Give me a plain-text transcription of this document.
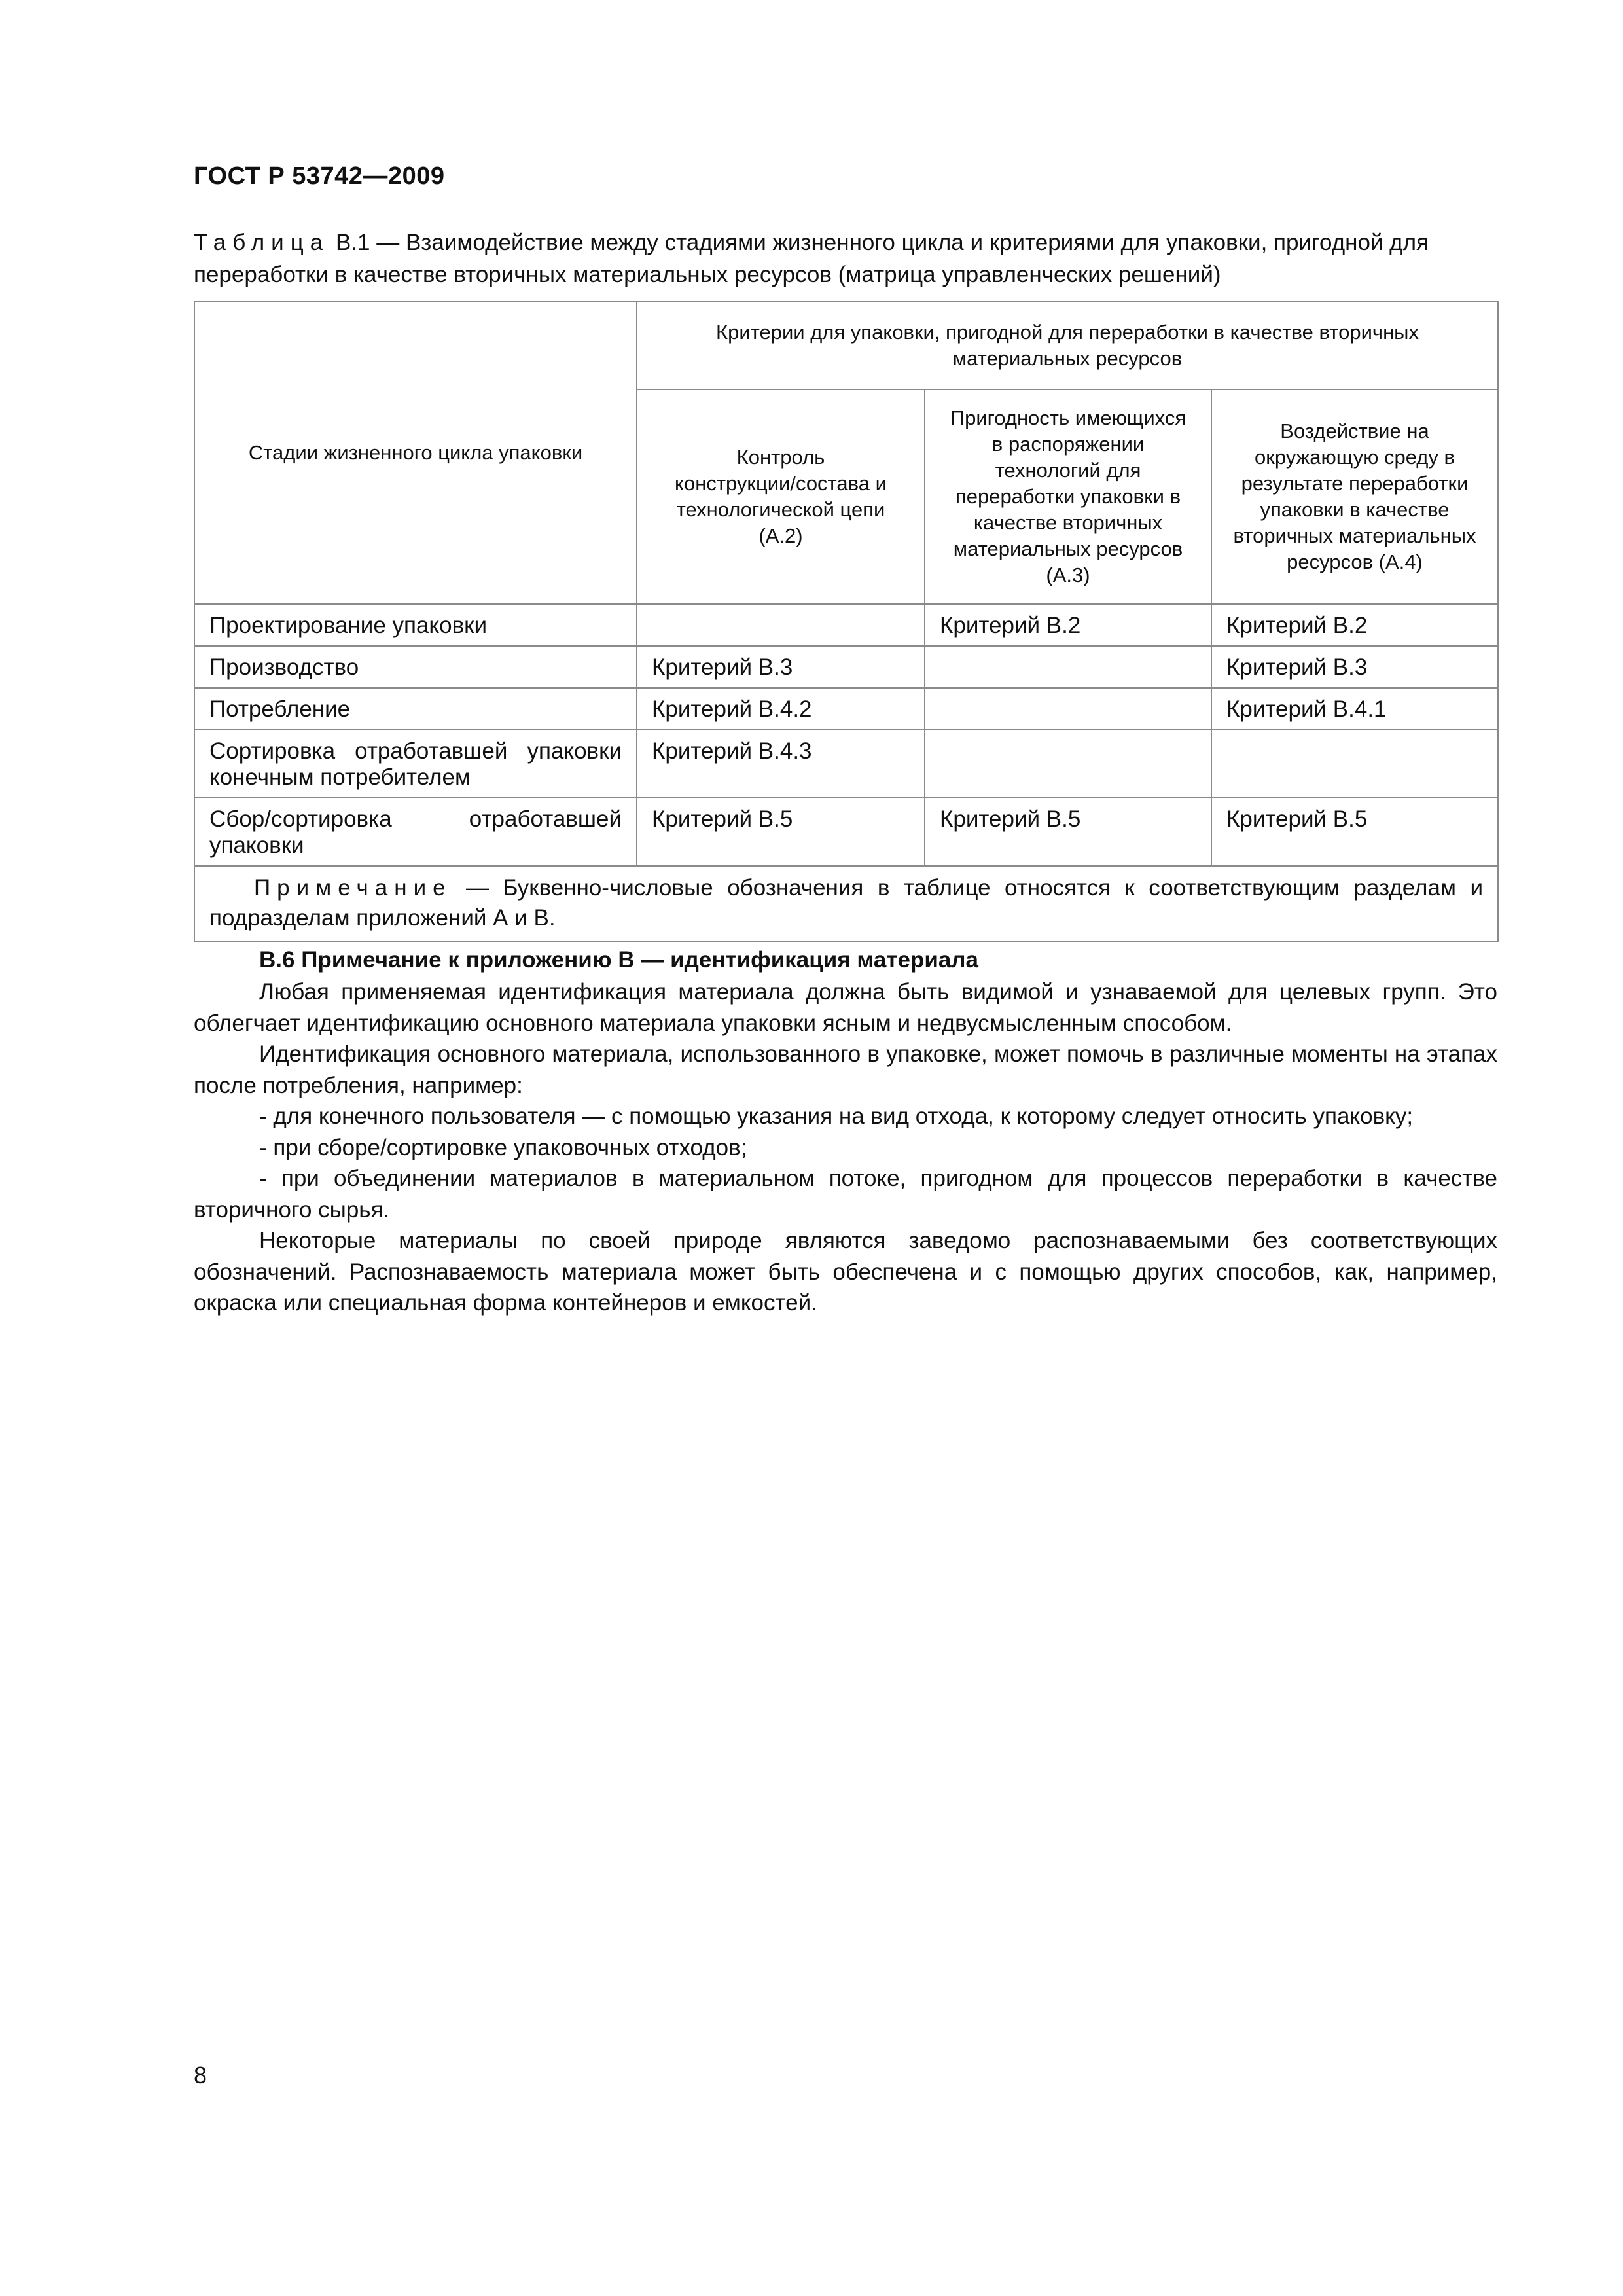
ГОСТ Р 53742—2009
Таблица В.1 — Взаимодействие между стадиями жизненного цикла и критериями для упаковки, пригодной для переработки в качестве вторичных материальных ресурсов (матрица управленческих решений)
Стадии жизненного цикла упаковки	Критерии для упаковки, пригодной для переработки в качестве вторичных материальных ресурсов		

	Контроль конструкции/состава и технологической цепи (А.2)	Пригодность имеющихся в распоряжении технологий для переработки упаковки в качестве вторичных материальных ресурсов (А.3)	Воздействие на окружающую среду в результате переработки упаковки в качестве вторичных материальных ресурсов (А.4)

Проектирование упаковки		Критерий В.2	Критерий В.2
Производство	Критерий В.3		Критерий В.3
Потребление	Критерий В.4.2		Критерий В.4.1
Сортировка отработавшей упаковки конечным потребителем	Критерий В.4.3		
Сбор/сортировка отработавшей упаковки	Критерий В.5	Критерий В.5	Критерий В.5
Примечание — Буквенно-числовые обозначения в таблице относятся к соответствующим разделам и подразделам приложений А и В.			
В.6 Примечание к приложению В — идентификация материала

Любая применяемая идентификация материала должна быть видимой и узнаваемой для целевых групп. Это облегчает идентификацию основного материала упаковки ясным и недвусмысленным способом.

Идентификация основного материала, использованного в упаковке, может помочь в различные моменты на этапах после потребления, например:

- для конечного пользователя — с помощью указания на вид отхода, к которому следует относить упаковку;

- при сборе/сортировке упаковочных отходов;

- при объединении материалов в материальном потоке, пригодном для процессов переработки в качестве вторичного сырья.

Некоторые материалы по своей природе являются заведомо распознаваемыми без соответствующих обозначений. Распознаваемость материала может быть обеспечена и с помощью других способов, как, например, окраска или специальная форма контейнеров и емкостей.

8
